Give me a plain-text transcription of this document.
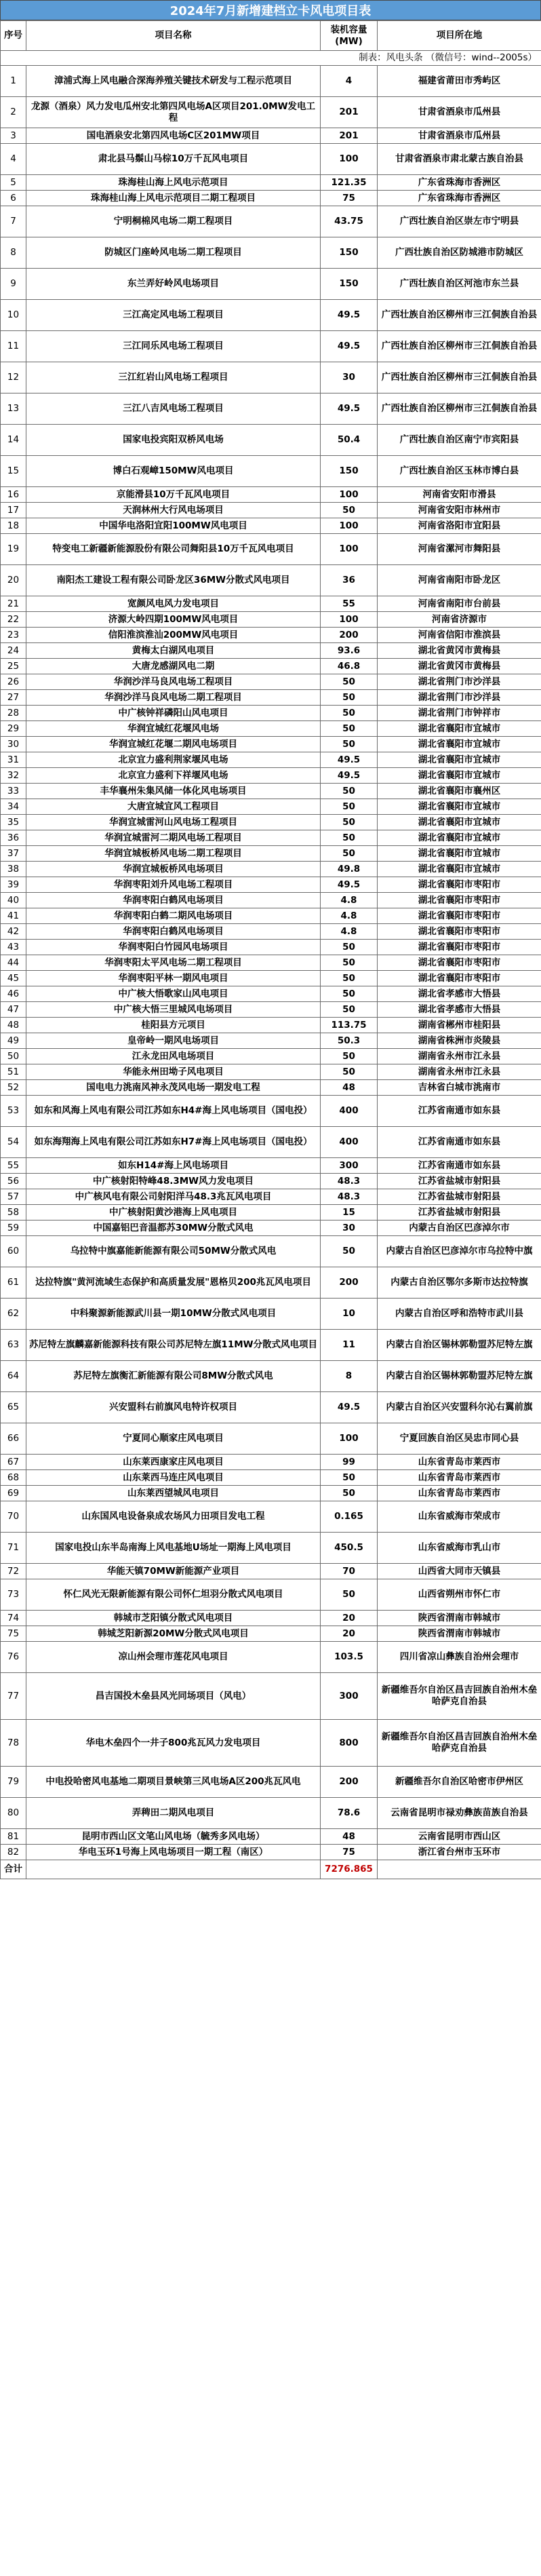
2024年7月新增建档立卡风电项目表
序号	项目名称	装机容量(MW)	项目所在地
制表：风电头条 （微信号：wind--2005s）			
1	漳浦式海上风电融合深海养殖关键技术研发与工程示范项目	4	福建省莆田市秀屿区
2	龙源（酒泉）风力发电瓜州安北第四风电场A区项目201.0MW发电工程	201	甘肃省酒泉市瓜州县
3	国电酒泉安北第四风电场C区201MW项目	201	甘肃省酒泉市瓜州县
4	肃北县马鬃山马棕10万千瓦风电项目	100	甘肃省酒泉市肃北蒙古族自治县
5	珠海桂山海上风电示范项目	121.35	广东省珠海市香洲区
6	珠海桂山海上风电示范项目二期工程项目	75	广东省珠海市香洲区
7	宁明桐棉风电场二期工程项目	43.75	广西壮族自治区崇左市宁明县
8	防城区门座岭风电场二期工程项目	150	广西壮族自治区防城港市防城区
9	东兰弄好岭风电场项目	150	广西壮族自治区河池市东兰县
10	三江高定风电场工程项目	49.5	广西壮族自治区柳州市三江侗族自治县
11	三江同乐风电场工程项目	49.5	广西壮族自治区柳州市三江侗族自治县
12	三江红岩山风电场工程项目	30	广西壮族自治区柳州市三江侗族自治县
13	三江八吉风电场工程项目	49.5	广西壮族自治区柳州市三江侗族自治县
14	国家电投宾阳双桥风电场	50.4	广西壮族自治区南宁市宾阳县
15	博白石观嶂150MW风电项目	150	广西壮族自治区玉林市博白县
16	京能滑县10万千瓦风电项目	100	河南省安阳市滑县
17	天润林州大行风电场项目	50	河南省安阳市林州市
18	中国华电洛阳宜阳100MW风电项目	100	河南省洛阳市宜阳县
19	特变电工新疆新能源股份有限公司舞阳县10万千瓦风电项目	100	河南省漯河市舞阳县
20	南阳杰工建设工程有限公司卧龙区36MW分散式风电项目	36	河南省南阳市卧龙区
21	宽颜风电风力发电项目	55	河南省南阳市台前县
22	济源大岭四期100MW风电项目	100	河南省济源市
23	信阳淮滨淮汕200MW风电项目	200	河南省信阳市淮滨县
24	黄梅太白湖风电项目	93.6	湖北省黄冈市黄梅县
25	大唐龙感湖风电二期	46.8	湖北省黄冈市黄梅县
26	华润沙洋马良风电场工程项目	50	湖北省荆门市沙洋县
27	华润沙洋马良风电场二期工程项目	50	湖北省荆门市沙洋县
28	中广核钟祥磷阳山风电项目	50	湖北省荆门市钟祥市
29	华润宜城红花堰风电场	50	湖北省襄阳市宜城市
30	华润宜城红花堰二期风电场项目	50	湖北省襄阳市宜城市
31	北京宜力盛利荆家堰风电场	49.5	湖北省襄阳市宜城市
32	北京宜力盛利下祥堰风电场	49.5	湖北省襄阳市宜城市
33	丰华襄州朱集风储一体化风电场项目	50	湖北省襄阳市襄州区
34	大唐宜城宜风工程项目	50	湖北省襄阳市宜城市
35	华润宜城雷河山风电场工程项目	50	湖北省襄阳市宜城市
36	华润宜城雷河二期风电场工程项目	50	湖北省襄阳市宜城市
37	华润宜城板桥风电场二期工程项目	50	湖北省襄阳市宜城市
38	华润宜城板桥风电场项目	49.8	湖北省襄阳市宜城市
39	华润枣阳刘升风电场工程项目	49.5	湖北省襄阳市枣阳市
40	华润枣阳白鹤风电场项目	4.8	湖北省襄阳市枣阳市
41	华润枣阳白鹤二期风电场项目	4.8	湖北省襄阳市枣阳市
42	华润枣阳白鹤风电场项目	4.8	湖北省襄阳市枣阳市
43	华润枣阳白竹园风电场项目	50	湖北省襄阳市枣阳市
44	华润枣阳太平风电场二期工程项目	50	湖北省襄阳市枣阳市
45	华润枣阳平林一期风电项目	50	湖北省襄阳市枣阳市
46	中广核大悟歌家山风电项目	50	湖北省孝感市大悟县
47	中广核大悟三里城风电场项目	50	湖北省孝感市大悟县
48	桂阳县方元项目	113.75	湖南省郴州市桂阳县
49	皇帝岭一期风电场项目	50.3	湖南省株洲市炎陵县
50	江永龙田风电场项目	50	湖南省永州市江永县
51	华能永州田坳子风电项目	50	湖南省永州市江永县
52	国电电力洮南风神永茂风电场一期发电工程	48	吉林省白城市洮南市
53	如东和风海上风电有限公司江苏如东H4#海上风电场项目（国电投）	400	江苏省南通市如东县
54	如东海翔海上风电有限公司江苏如东H7#海上风电场项目（国电投）	400	江苏省南通市如东县
55	如东H14#海上风电场项目	300	江苏省南通市如东县
56	中广核射阳特峰48.3MW风力发电项目	48.3	江苏省盐城市射阳县
57	中广核风电有限公司射阳洋马48.3兆瓦风电项目	48.3	江苏省盐城市射阳县
58	中广核射阳黄沙港海上风电项目	15	江苏省盐城市射阳县
59	中国嘉铝巴音温都苏30MW分散式风电	30	内蒙古自治区巴彦淖尔市
60	乌拉特中旗嘉能新能源有限公司50MW分散式风电	50	内蒙古自治区巴彦淖尔市乌拉特中旗
61	达拉特旗"黄河流域生态保护和高质量发展"恩格贝200兆瓦风电项目	200	内蒙古自治区鄂尔多斯市达拉特旗
62	中科聚源新能源武川县一期10MW分散式风电项目	10	内蒙古自治区呼和浩特市武川县
63	苏尼特左旗麟嘉新能源科技有限公司苏尼特左旗11MW分散式风电项目	11	内蒙古自治区锡林郭勒盟苏尼特左旗
64	苏尼特左旗衡汇新能源有限公司8MW分散式风电	8	内蒙古自治区锡林郭勒盟苏尼特左旗
65	兴安盟科右前旗风电特许权项目	49.5	内蒙古自治区兴安盟科尔沁右翼前旗
66	宁夏同心顺家庄风电项目	100	宁夏回族自治区吴忠市同心县
67	山东莱西康家庄风电项目	99	山东省青岛市莱西市
68	山东莱西马连庄风电项目	50	山东省青岛市莱西市
69	山东莱西望城风电项目	50	山东省青岛市莱西市
70	山东国风电设备泉成农场风力田项目发电工程	0.165	山东省威海市荣成市
71	国家电投山东半岛南海上风电基地U场址一期海上风电项目	450.5	山东省威海市乳山市
72	华能天镇70MW新能源产业项目	70	山西省大同市天镇县
73	怀仁风光无限新能源有限公司怀仁坦羽分散式风电项目	50	山西省朔州市怀仁市
74	韩城市芝阳镇分散式风电项目	20	陕西省渭南市韩城市
75	韩城芝阳新源20MW分散式风电项目	20	陕西省渭南市韩城市
76	凉山州会理市莲花风电项目	103.5	四川省凉山彝族自治州会理市
77	昌吉国投木垒县风光同场项目（风电）	300	新疆维吾尔自治区昌吉回族自治州木垒哈萨克自治县
78	华电木垒四个一井子800兆瓦风力发电项目	800	新疆维吾尔自治区昌吉回族自治州木垒哈萨克自治县
79	中电投哈密风电基地二期项目景峡第三风电场A区200兆瓦风电	200	新疆维吾尔自治区哈密市伊州区
80	弄稗田二期风电项目	78.6	云南省昆明市禄劝彝族苗族自治县
81	昆明市西山区文笔山风电场（毓秀多风电场）	48	云南省昆明市西山区
82	华电玉环1号海上风电场项目一期工程（南区）	75	浙江省台州市玉环市
合计		7276.865	
